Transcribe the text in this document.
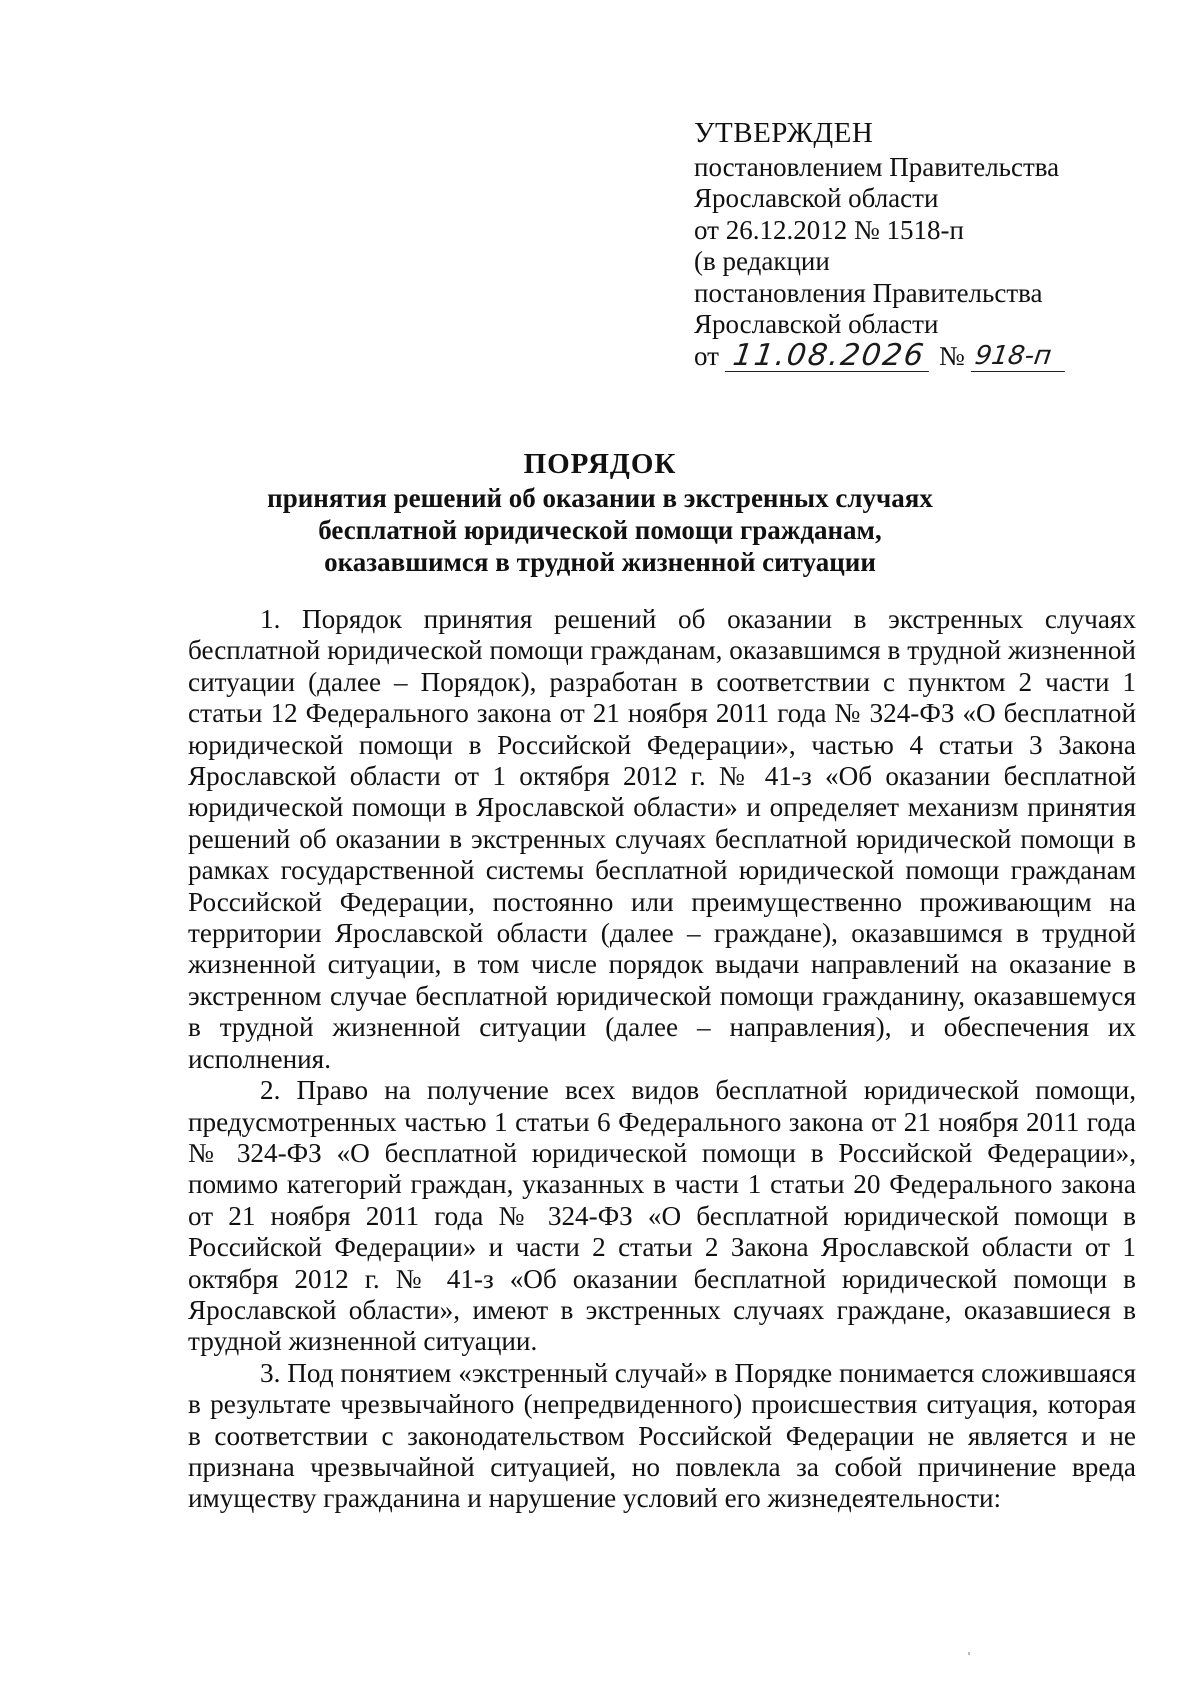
УТВЕРЖДЕН
постановлением Правительства
Ярославской области
от 26.12.2012 № 1518-п
(в редакции
постановления Правительства
Ярославской области
от 11.08.2026 № 918-п
ПОРЯДОК
принятия решений об оказании в экстренных случаях
бесплатной юридической помощи гражданам,
оказавшимся в трудной жизненной ситуации

1. Порядок принятия решений об оказании в экстренных случаях бесплатной юридической помощи гражданам, оказавшимся в трудной жизненной ситуации (далее – Порядок), разработан в соответствии с пунктом 2 части 1 статьи 12 Федерального закона от 21 ноября 2011 года № 324-ФЗ «О бесплатной юридической помощи в Российской Федерации», частью 4 статьи 3 Закона Ярославской области от 1 октября 2012 г. № 41-з «Об оказании бесплатной юридической помощи в Ярославской области» и определяет механизм принятия решений об оказании в экстренных случаях бесплатной юридической помощи в рамках государственной системы бесплатной юридической помощи гражданам Российской Федерации, постоянно или преимущественно проживающим на территории Ярославской области (далее – граждане), оказавшимся в трудной жизненной ситуации, в том числе порядок выдачи направлений на оказание в экстренном случае бесплатной юридической помощи гражданину, оказавшемуся в трудной жизненной ситуации (далее – направления), и обеспечения их исполнения.

2. Право на получение всех видов бесплатной юридической помощи, предусмотренных частью 1 статьи 6 Федерального закона от 21 ноября 2011 года № 324-ФЗ «О бесплатной юридической помощи в Российской Федерации», помимо категорий граждан, указанных в части 1 статьи 20 Федерального закона от 21 ноября 2011 года № 324-ФЗ «О бесплатной юридической помощи в Российской Федерации» и части 2 статьи 2 Закона Ярославской области от 1 октября 2012 г. № 41-з «Об оказании бесплатной юридической помощи в Ярославской области», имеют в экстренных случаях граждане, оказавшиеся в трудной жизненной ситуации.

3. Под понятием «экстренный случай» в Порядке понимается сложившаяся в результате чрезвычайного (непредвиденного) происшествия ситуация, которая в соответствии с законодательством Российской Федерации не является и не признана чрезвычайной ситуацией, но повлекла за собой причинение вреда имуществу гражданина и нарушение условий его жизнедеятельности:
